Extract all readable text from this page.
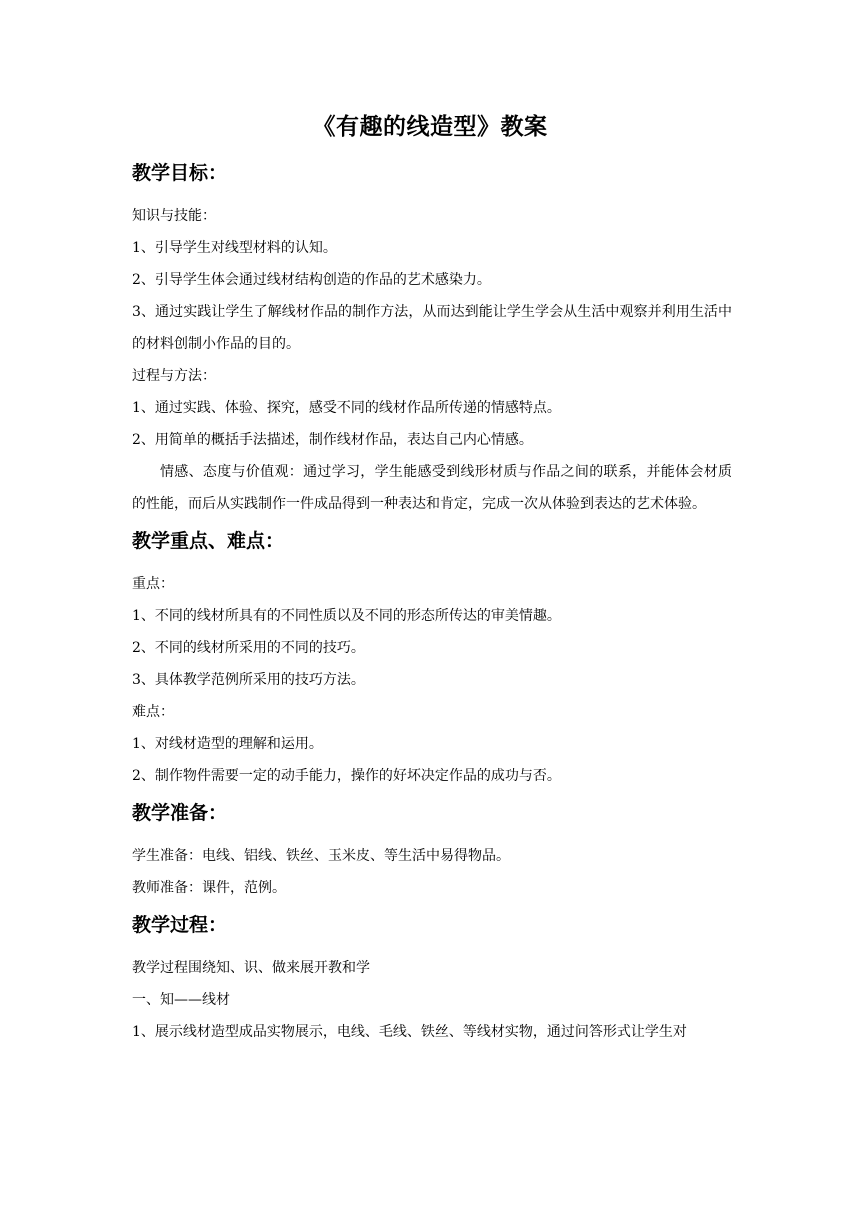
《有趣的线造型》教案
教学目标：
知识与技能：
1、引导学生对线型材料的认知。
2、引导学生体会通过线材结构创造的作品的艺术感染力。
3、通过实践让学生了解线材作品的制作方法，从而达到能让学生学会从生活中观察并利用生活中的材料创制小作品的目的。
过程与方法：
1、通过实践、体验、探究，感受不同的线材作品所传递的情感特点。
2、用简单的概括手法描述，制作线材作品，表达自己内心情感。
情感、态度与价值观：通过学习，学生能感受到线形材质与作品之间的联系，并能体会材质的性能，而后从实践制作一件成品得到一种表达和肯定，完成一次从体验到表达的艺术体验。
教学重点、难点：
重点：
1、不同的线材所具有的不同性质以及不同的形态所传达的审美情趣。
2、不同的线材所采用的不同的技巧。
3、具体教学范例所采用的技巧方法。
难点：
1、对线材造型的理解和运用。
2、制作物件需要一定的动手能力，操作的好坏决定作品的成功与否。
教学准备：
学生准备：电线、铝线、铁丝、玉米皮、等生活中易得物品。
教师准备：课件，范例。
教学过程：
教学过程围绕知、识、做来展开教和学
一、知——线材
1、展示线材造型成品实物展示，电线、毛线、铁丝、等线材实物，通过问答形式让学生对
